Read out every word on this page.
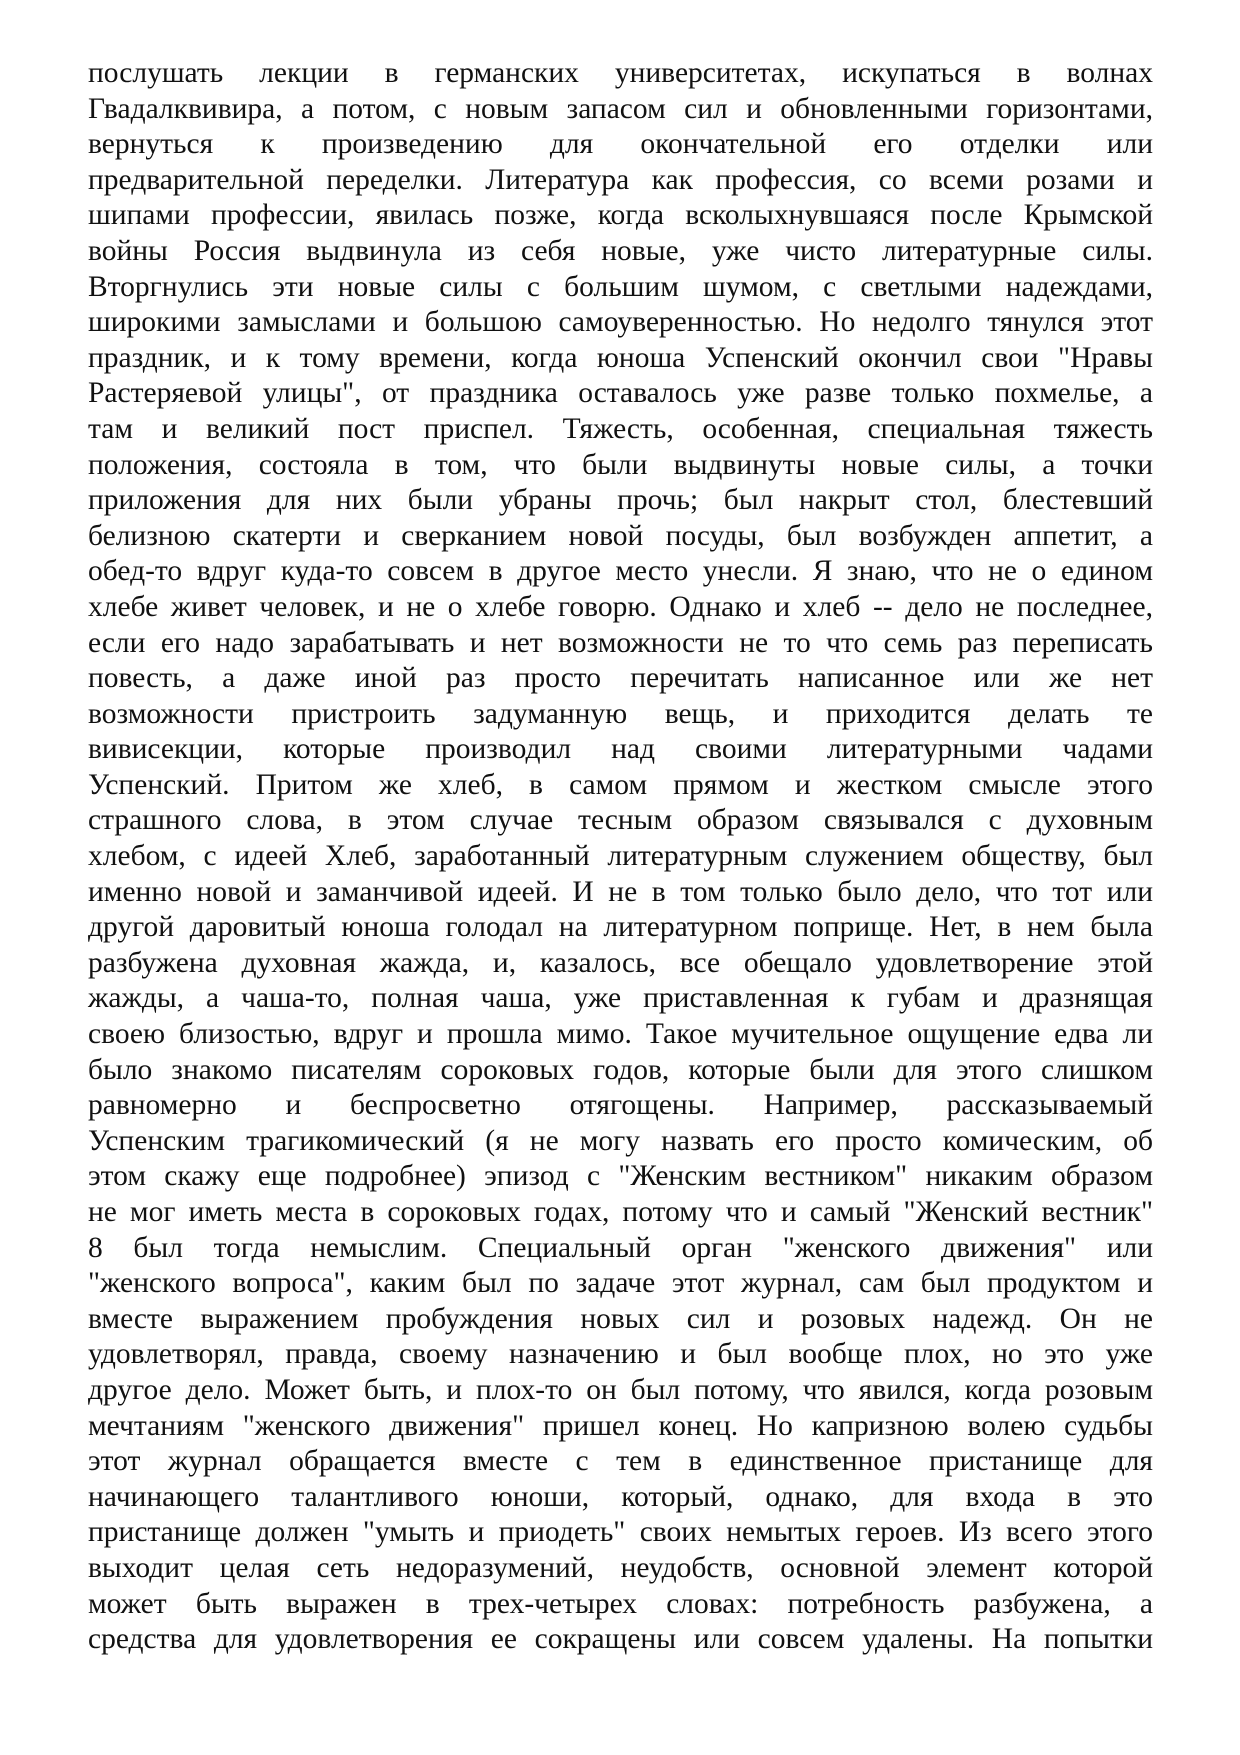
послушать лекции в германских университетах, искупаться в волнах
Гвадалквивира, а потом, с новым запасом сил и обновленными горизонтами,
вернуться к произведению для окончательной его отделки или
предварительной переделки. Литература как профессия, со всеми розами и
шипами профессии, явилась позже, когда всколыхнувшаяся после Крымской
войны Россия выдвинула из себя новые, уже чисто литературные силы.
Вторгнулись эти новые силы с большим шумом, с светлыми надеждами,
широкими замыслами и большою самоуверенностью. Но недолго тянулся этот
праздник, и к тому времени, когда юноша Успенский окончил свои "Нравы
Растеряевой улицы", от праздника оставалось уже разве только похмелье, а
там и великий пост приспел. Тяжесть, особенная, специальная тяжесть
положения, состояла в том, что были выдвинуты новые силы, а точки
приложения для них были убраны прочь; был накрыт стол, блестевший
белизною скатерти и сверканием новой посуды, был возбужден аппетит, а
обед-то вдруг куда-то совсем в другое место унесли. Я знаю, что не о едином
хлебе живет человек, и не о хлебе говорю. Однако и хлеб -- дело не последнее,
если его надо зарабатывать и нет возможности не то что семь раз переписать
повесть, а даже иной раз просто перечитать написанное или же нет
возможности пристроить задуманную вещь, и приходится делать те
вивисекции, которые производил над своими литературными чадами
Успенский. Притом же хлеб, в самом прямом и жестком смысле этого
страшного слова, в этом случае тесным образом связывался с духовным
хлебом, с идеей Хлеб, заработанный литературным служением обществу, был
именно новой и заманчивой идеей. И не в том только было дело, что тот или
другой даровитый юноша голодал на литературном поприще. Нет, в нем была
разбужена духовная жажда, и, казалось, все обещало удовлетворение этой
жажды, а чаша-то, полная чаша, уже приставленная к губам и дразнящая
своею близостью, вдруг и прошла мимо. Такое мучительное ощущение едва ли
было знакомо писателям сороковых годов, которые были для этого слишком
равномерно и беспросветно отягощены. Например, рассказываемый
Успенским трагикомический (я не могу назвать его просто комическим, об
этом скажу еще подробнее) эпизод с "Женским вестником" никаким образом
не мог иметь места в сороковых годах, потому что и самый "Женский вестник"
8 был тогда немыслим. Специальный орган "женского движения" или
"женского вопроса", каким был по задаче этот журнал, сам был продуктом и
вместе выражением пробуждения новых сил и розовых надежд. Он не
удовлетворял, правда, своему назначению и был вообще плох, но это уже
другое дело. Может быть, и плох-то он был потому, что явился, когда розовым
мечтаниям "женского движения" пришел конец. Но капризною волею судьбы
этот журнал обращается вместе с тем в единственное пристанище для
начинающего талантливого юноши, который, однако, для входа в это
пристанище должен "умыть и приодеть" своих немытых героев. Из всего этого
выходит целая сеть недоразумений, неудобств, основной элемент которой
может быть выражен в трех-четырех словах: потребность разбужена, а
средства для удовлетворения ее сокращены или совсем удалены. На попытки
